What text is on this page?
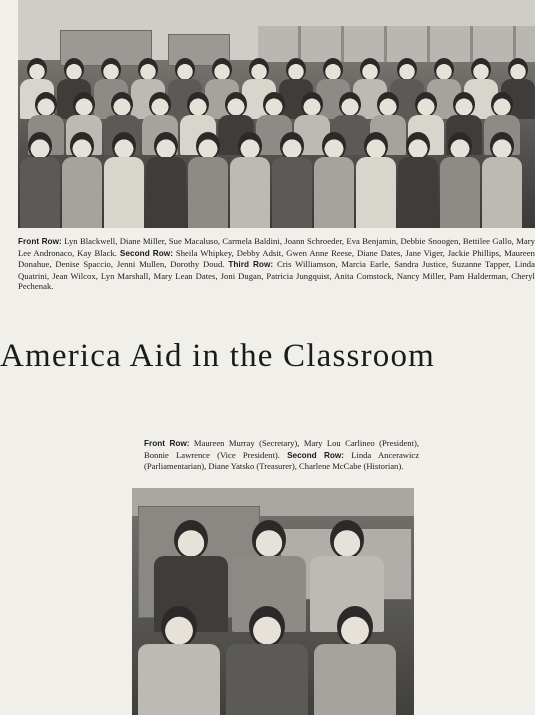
Front Row: Lyn Blackwell, Diane Miller, Sue Macaluso, Carmela Baldini, Joann Schroeder, Eva Benjamin, Debbie Snoogen, Bettilee Gallo, Mary Lee Andronaco, Kay Black. Second Row: Sheila Whipkey, Debby Adsit, Gwen Anne Reese, Diane Dates, Jane Viger, Jackie Phillips, Maureen Donahue, Denise Spaccio, Jenni Mullen, Dorothy Doud. Third Row: Cris Williamson, Marcia Earle, Sandra Justice, Suzanne Tapper, Linda Quatrini, Jean Wilcox, Lyn Marshall, Mary Lean Dates, Joni Dugan, Patricia Jungquist, Anita Comstock, Nancy Miller, Pam Halderman, Cheryl Pechenak.
America Aid in the Classroom
Front Row: Maureen Murray (Secretary), Mary Lou Carlineo (President), Bonnie Lawrence (Vice President). Second Row: Linda Ancerawicz (Parliamentarian), Diane Yatsko (Treasurer), Charlene McCabe (Historian).
